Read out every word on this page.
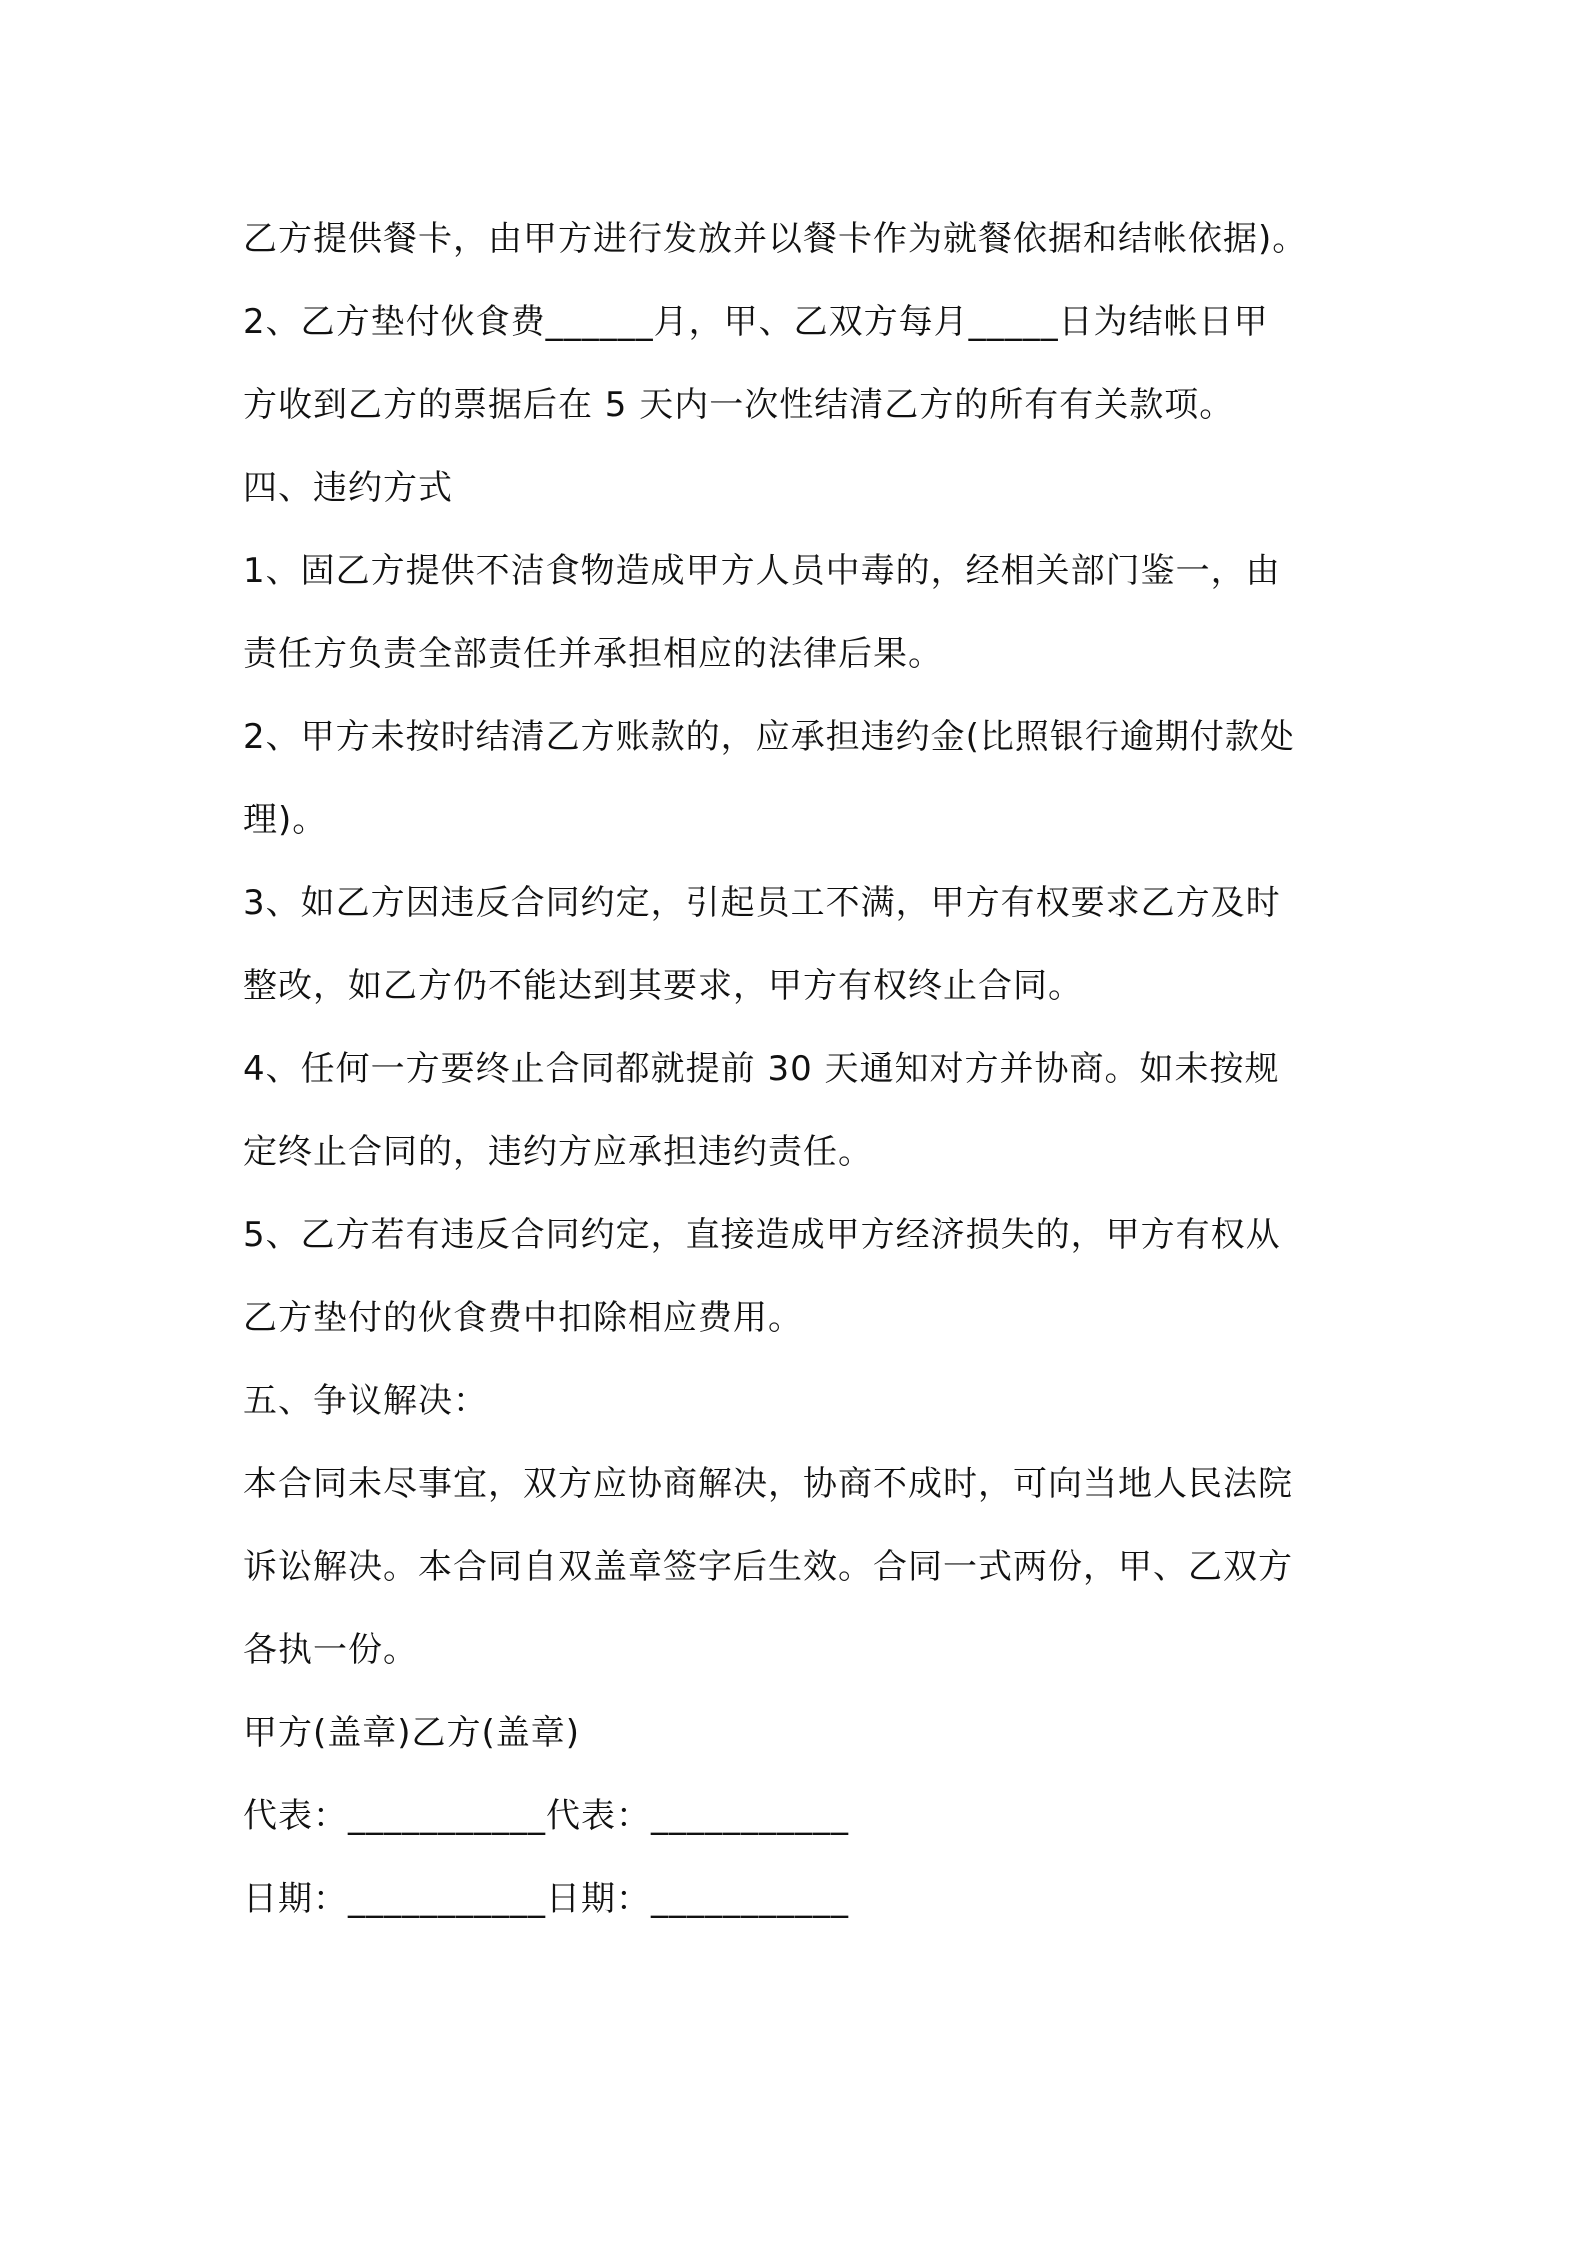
乙方提供餐卡，由甲方进行发放并以餐卡作为就餐依据和结帐依据)。
2、乙方垫付伙食费______月，甲、乙双方每月_____日为结帐日甲
方收到乙方的票据后在 5 天内一次性结清乙方的所有有关款项。
四、违约方式
1、固乙方提供不洁食物造成甲方人员中毒的，经相关部门鉴一，由
责任方负责全部责任并承担相应的法律后果。
2、甲方未按时结清乙方账款的，应承担违约金(比照银行逾期付款处
理)。
3、如乙方因违反合同约定，引起员工不满，甲方有权要求乙方及时
整改，如乙方仍不能达到其要求，甲方有权终止合同。
4、任何一方要终止合同都就提前 30 天通知对方并协商。如未按规
定终止合同的，违约方应承担违约责任。
5、乙方若有违反合同约定，直接造成甲方经济损失的，甲方有权从
乙方垫付的伙食费中扣除相应费用。
五、争议解决：
本合同未尽事宜，双方应协商解决，协商不成时，可向当地人民法院
诉讼解决。本合同自双盖章签字后生效。合同一式两份，甲、乙双方
各执一份。
甲方(盖章)乙方(盖章)
代表：___________代表：___________
日期：___________日期：___________
